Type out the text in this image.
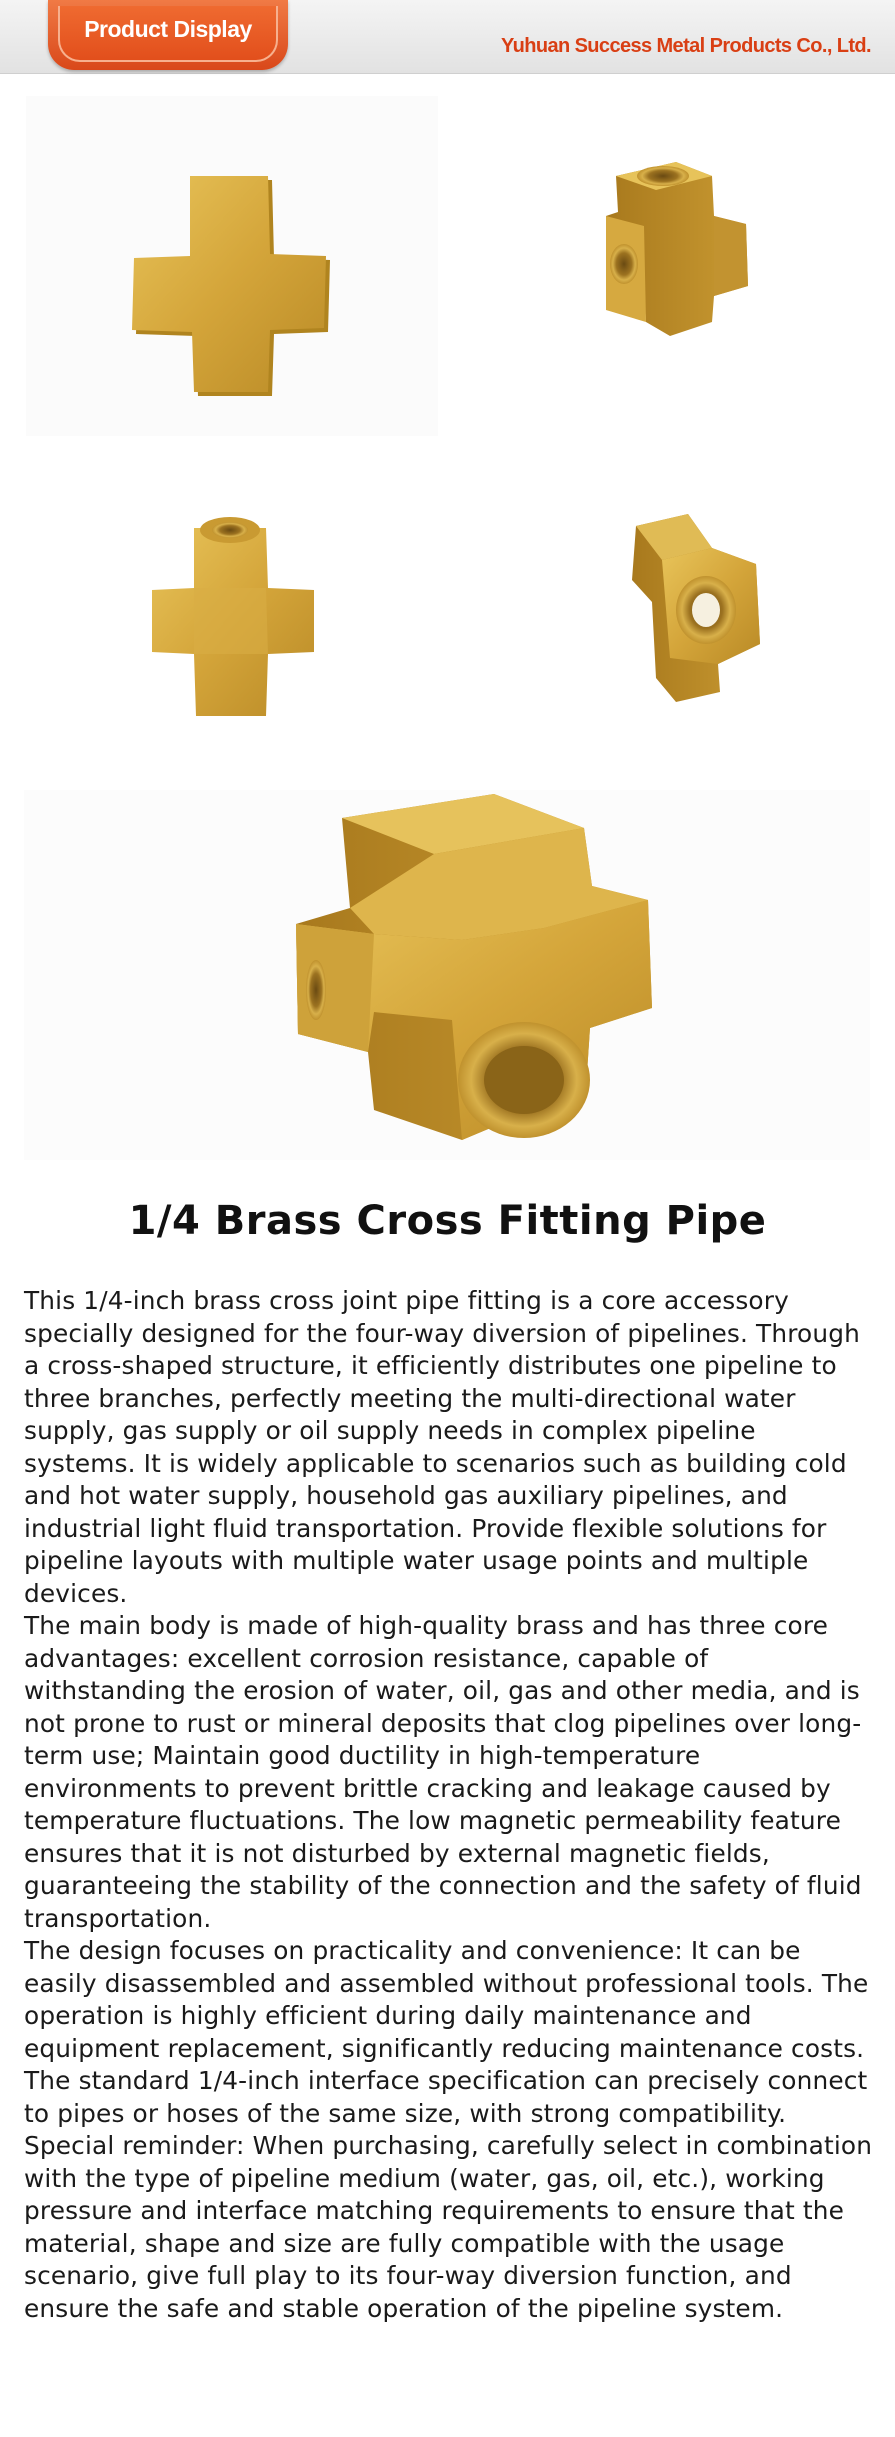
Product Display
Yuhuan Success Metal Products Co., Ltd.
1/4 Brass Cross Fitting Pipe

This 1/4-inch brass cross joint pipe fitting is a core accessory specially designed for the four-way diversion of pipelines. Through a cross-shaped structure, it efficiently distributes one pipeline to three branches, perfectly meeting the multi-directional water supply, gas supply or oil supply needs in complex pipeline systems. It is widely applicable to scenarios such as building cold and hot water supply, household gas auxiliary pipelines, and industrial light fluid transportation. Provide flexible solutions for pipeline layouts with multiple water usage points and multiple devices.

The main body is made of high-quality brass and has three core advantages: excellent corrosion resistance, capable of withstanding the erosion of water, oil, gas and other media, and is not prone to rust or mineral deposits that clog pipelines over long-term use; Maintain good ductility in high-temperature environments to prevent brittle cracking and leakage caused by temperature fluctuations. The low magnetic permeability feature ensures that it is not disturbed by external magnetic fields, guaranteeing the stability of the connection and the safety of fluid transportation.

The design focuses on practicality and convenience: It can be easily disassembled and assembled without professional tools. The operation is highly efficient during daily maintenance and equipment replacement, significantly reducing maintenance costs. The standard 1/4-inch interface specification can precisely connect to pipes or hoses of the same size, with strong compatibility. Special reminder: When purchasing, carefully select in combination with the type of pipeline medium (water, gas, oil, etc.), working pressure and interface matching requirements to ensure that the material, shape and size are fully compatible with the usage scenario, give full play to its four-way diversion function, and ensure the safe and stable operation of the pipeline system.
